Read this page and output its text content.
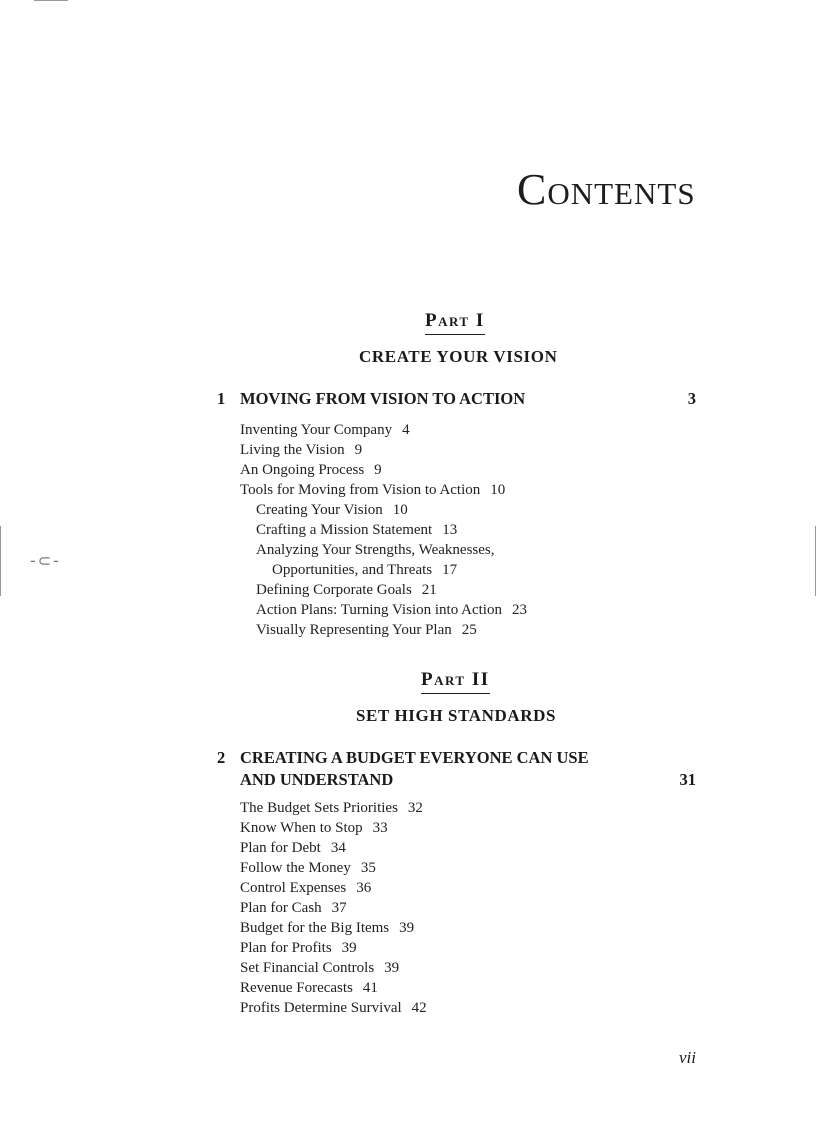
-⊂-
Contents
Part I
CREATE YOUR VISION
1 MOVING FROM VISION TO ACTION	3
Inventing Your Company 4
Living the Vision 9
An Ongoing Process 9
Tools for Moving from Vision to Action 10
Creating Your Vision 10
Crafting a Mission Statement 13
Analyzing Your Strengths, Weaknesses,
Opportunities, and Threats 17
Defining Corporate Goals 21
Action Plans: Turning Vision into Action 23
Visually Representing Your Plan 25
Part II
SET HIGH STANDARDS
2 CREATING A BUDGET EVERYONE CAN USE
AND UNDERSTAND	31
The Budget Sets Priorities 32
Know When to Stop 33
Plan for Debt 34
Follow the Money 35
Control Expenses 36
Plan for Cash 37
Budget for the Big Items 39
Plan for Profits 39
Set Financial Controls 39
Revenue Forecasts 41
Profits Determine Survival 42
vii
